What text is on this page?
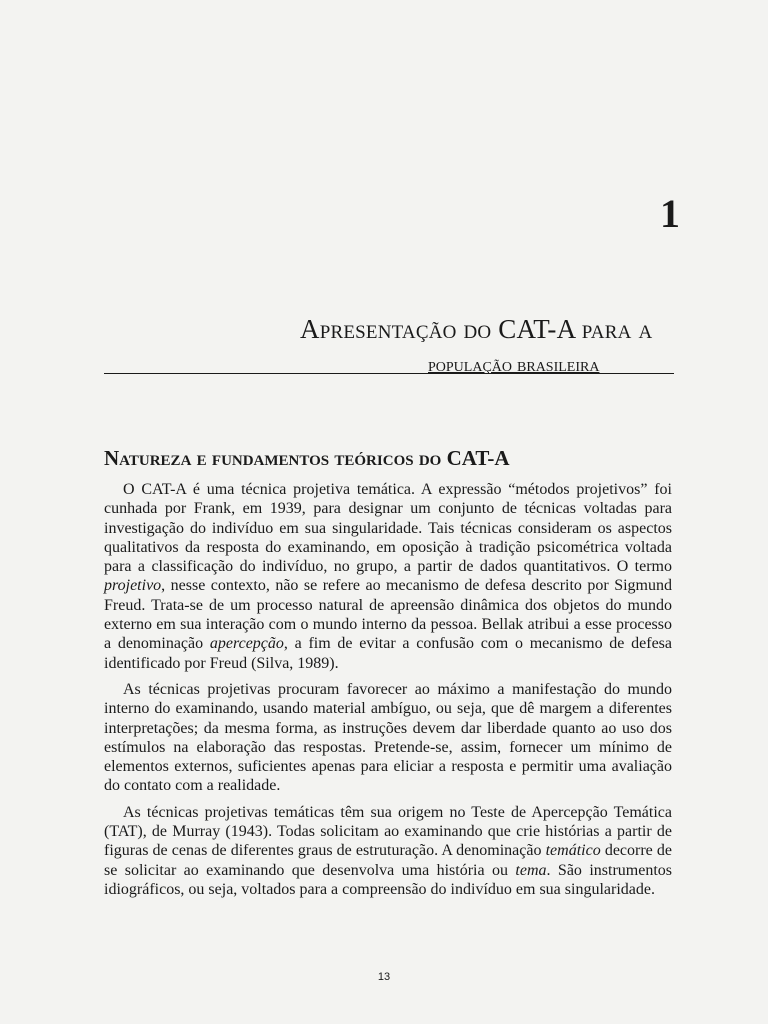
1
Apresentação do CAT-A para a
população brasileira
Natureza e fundamentos teóricos do CAT-A

O CAT-A é uma técnica projetiva temática. A expressão “métodos projetivos” foi cunhada por Frank, em 1939, para designar um conjunto de técnicas voltadas para investigação do indivíduo em sua singularidade. Tais técnicas consideram os aspectos qualitativos da resposta do examinando, em oposição à tradição psicométrica voltada para a classificação do indivíduo, no grupo, a partir de dados quantitativos. O termo projetivo, nesse contexto, não se refere ao mecanismo de defesa descrito por Sigmund Freud. Trata-se de um processo natural de apreensão dinâmica dos objetos do mundo externo em sua interação com o mundo interno da pessoa. Bellak atribui a esse processo a denominação apercepção, a fim de evitar a confusão com o mecanismo de defesa identificado por Freud (Silva, 1989).

As técnicas projetivas procuram favorecer ao máximo a manifestação do mundo interno do examinando, usando material ambíguo, ou seja, que dê margem a diferentes interpretações; da mesma forma, as instruções devem dar liberdade quanto ao uso dos estímulos na elaboração das respostas. Pretende-se, assim, fornecer um mínimo de elementos externos, suficientes apenas para eliciar a resposta e permitir uma avaliação do contato com a realidade.

As técnicas projetivas temáticas têm sua origem no Teste de Apercepção Temática (TAT), de Murray (1943). Todas solicitam ao examinando que crie histórias a partir de figuras de cenas de diferentes graus de estruturação. A denominação temático decorre de se solicitar ao examinando que desenvolva uma história ou tema. São instrumentos idiográficos, ou seja, voltados para a compreensão do indivíduo em sua singularidade.

13
